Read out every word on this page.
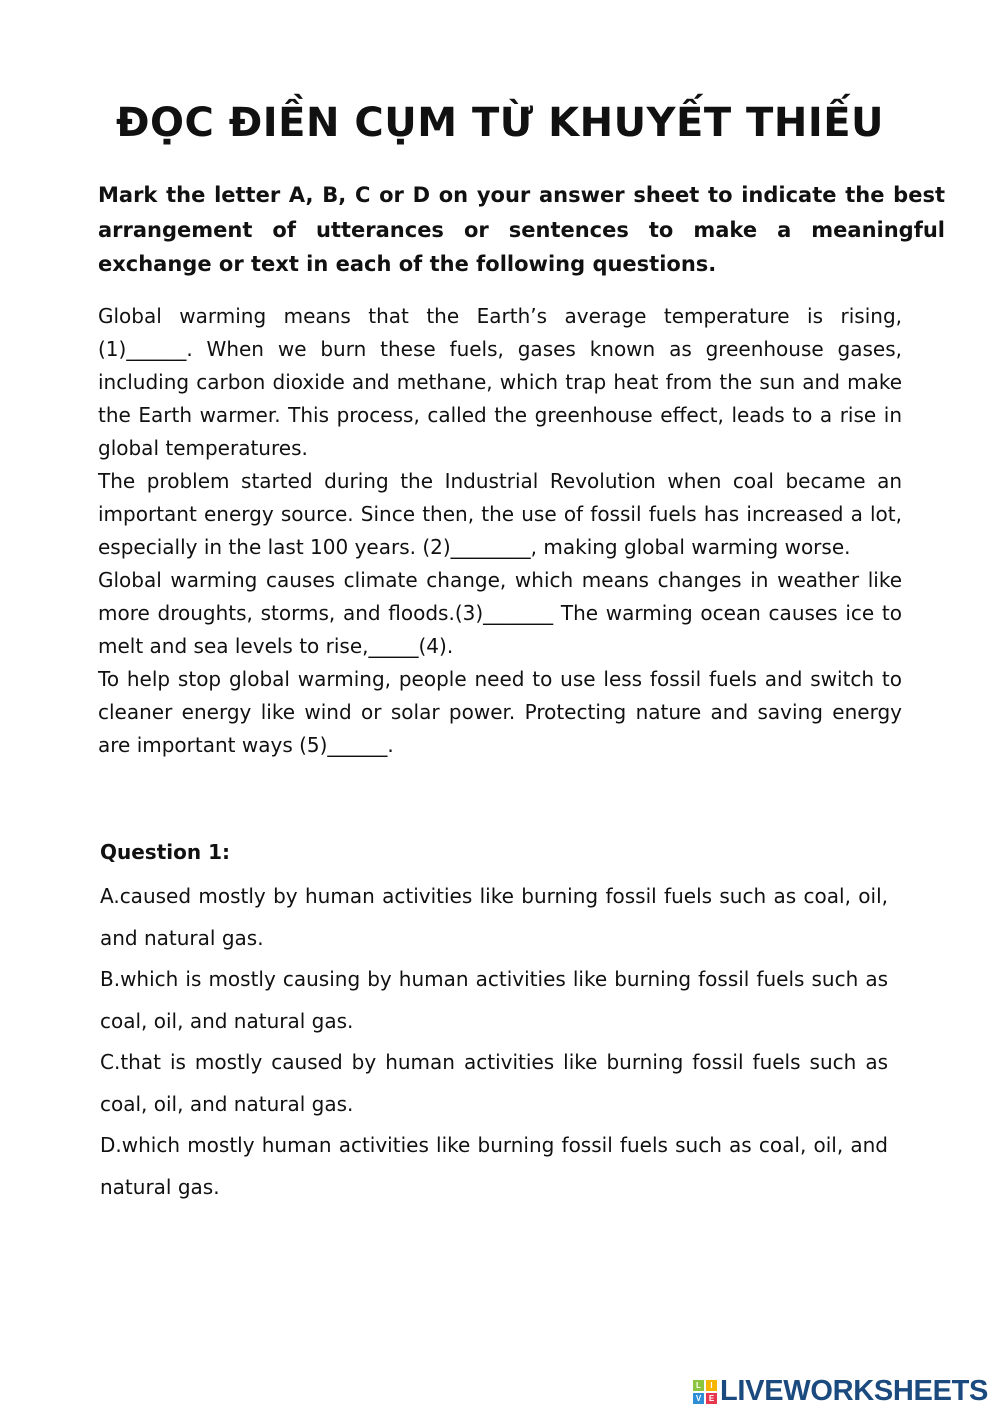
ĐỌC ĐIỀN CỤM TỪ KHUYẾT THIẾU
Mark the letter A, B, C or D on your answer sheet to indicate the best arrangement of utterances or sentences to make a meaningful exchange or text in each of the following questions.

Global warming means that the Earth’s average temperature is rising, (1)______. When we burn these fuels, gases known as greenhouse gases, including carbon dioxide and methane, which trap heat from the sun and make the Earth warmer. This process, called the greenhouse effect, leads to a rise in global temperatures.

The problem started during the Industrial Revolution when coal became an important energy source. Since then, the use of fossil fuels has increased a lot, especially in the last 100 years. (2)________, making global warming worse.

Global warming causes climate change, which means changes in weather like more droughts, storms, and floods.(3)_______ The warming ocean causes ice to melt and sea levels to rise,_____(4).

To help stop global warming, people need to use less fossil fuels and switch to cleaner energy like wind or solar power. Protecting nature and saving energy are important ways (5)______.

Question 1:

A.caused mostly by human activities like burning fossil fuels such as coal, oil, and natural gas.

B.which is mostly causing by human activities like burning fossil fuels such as coal, oil, and natural gas.

C.that is mostly caused by human activities like burning fossil fuels such as coal, oil, and natural gas.

D.which mostly human activities like burning fossil fuels such as coal, oil, and natural gas.

L	I
V E LIVEWORKSHEETS
